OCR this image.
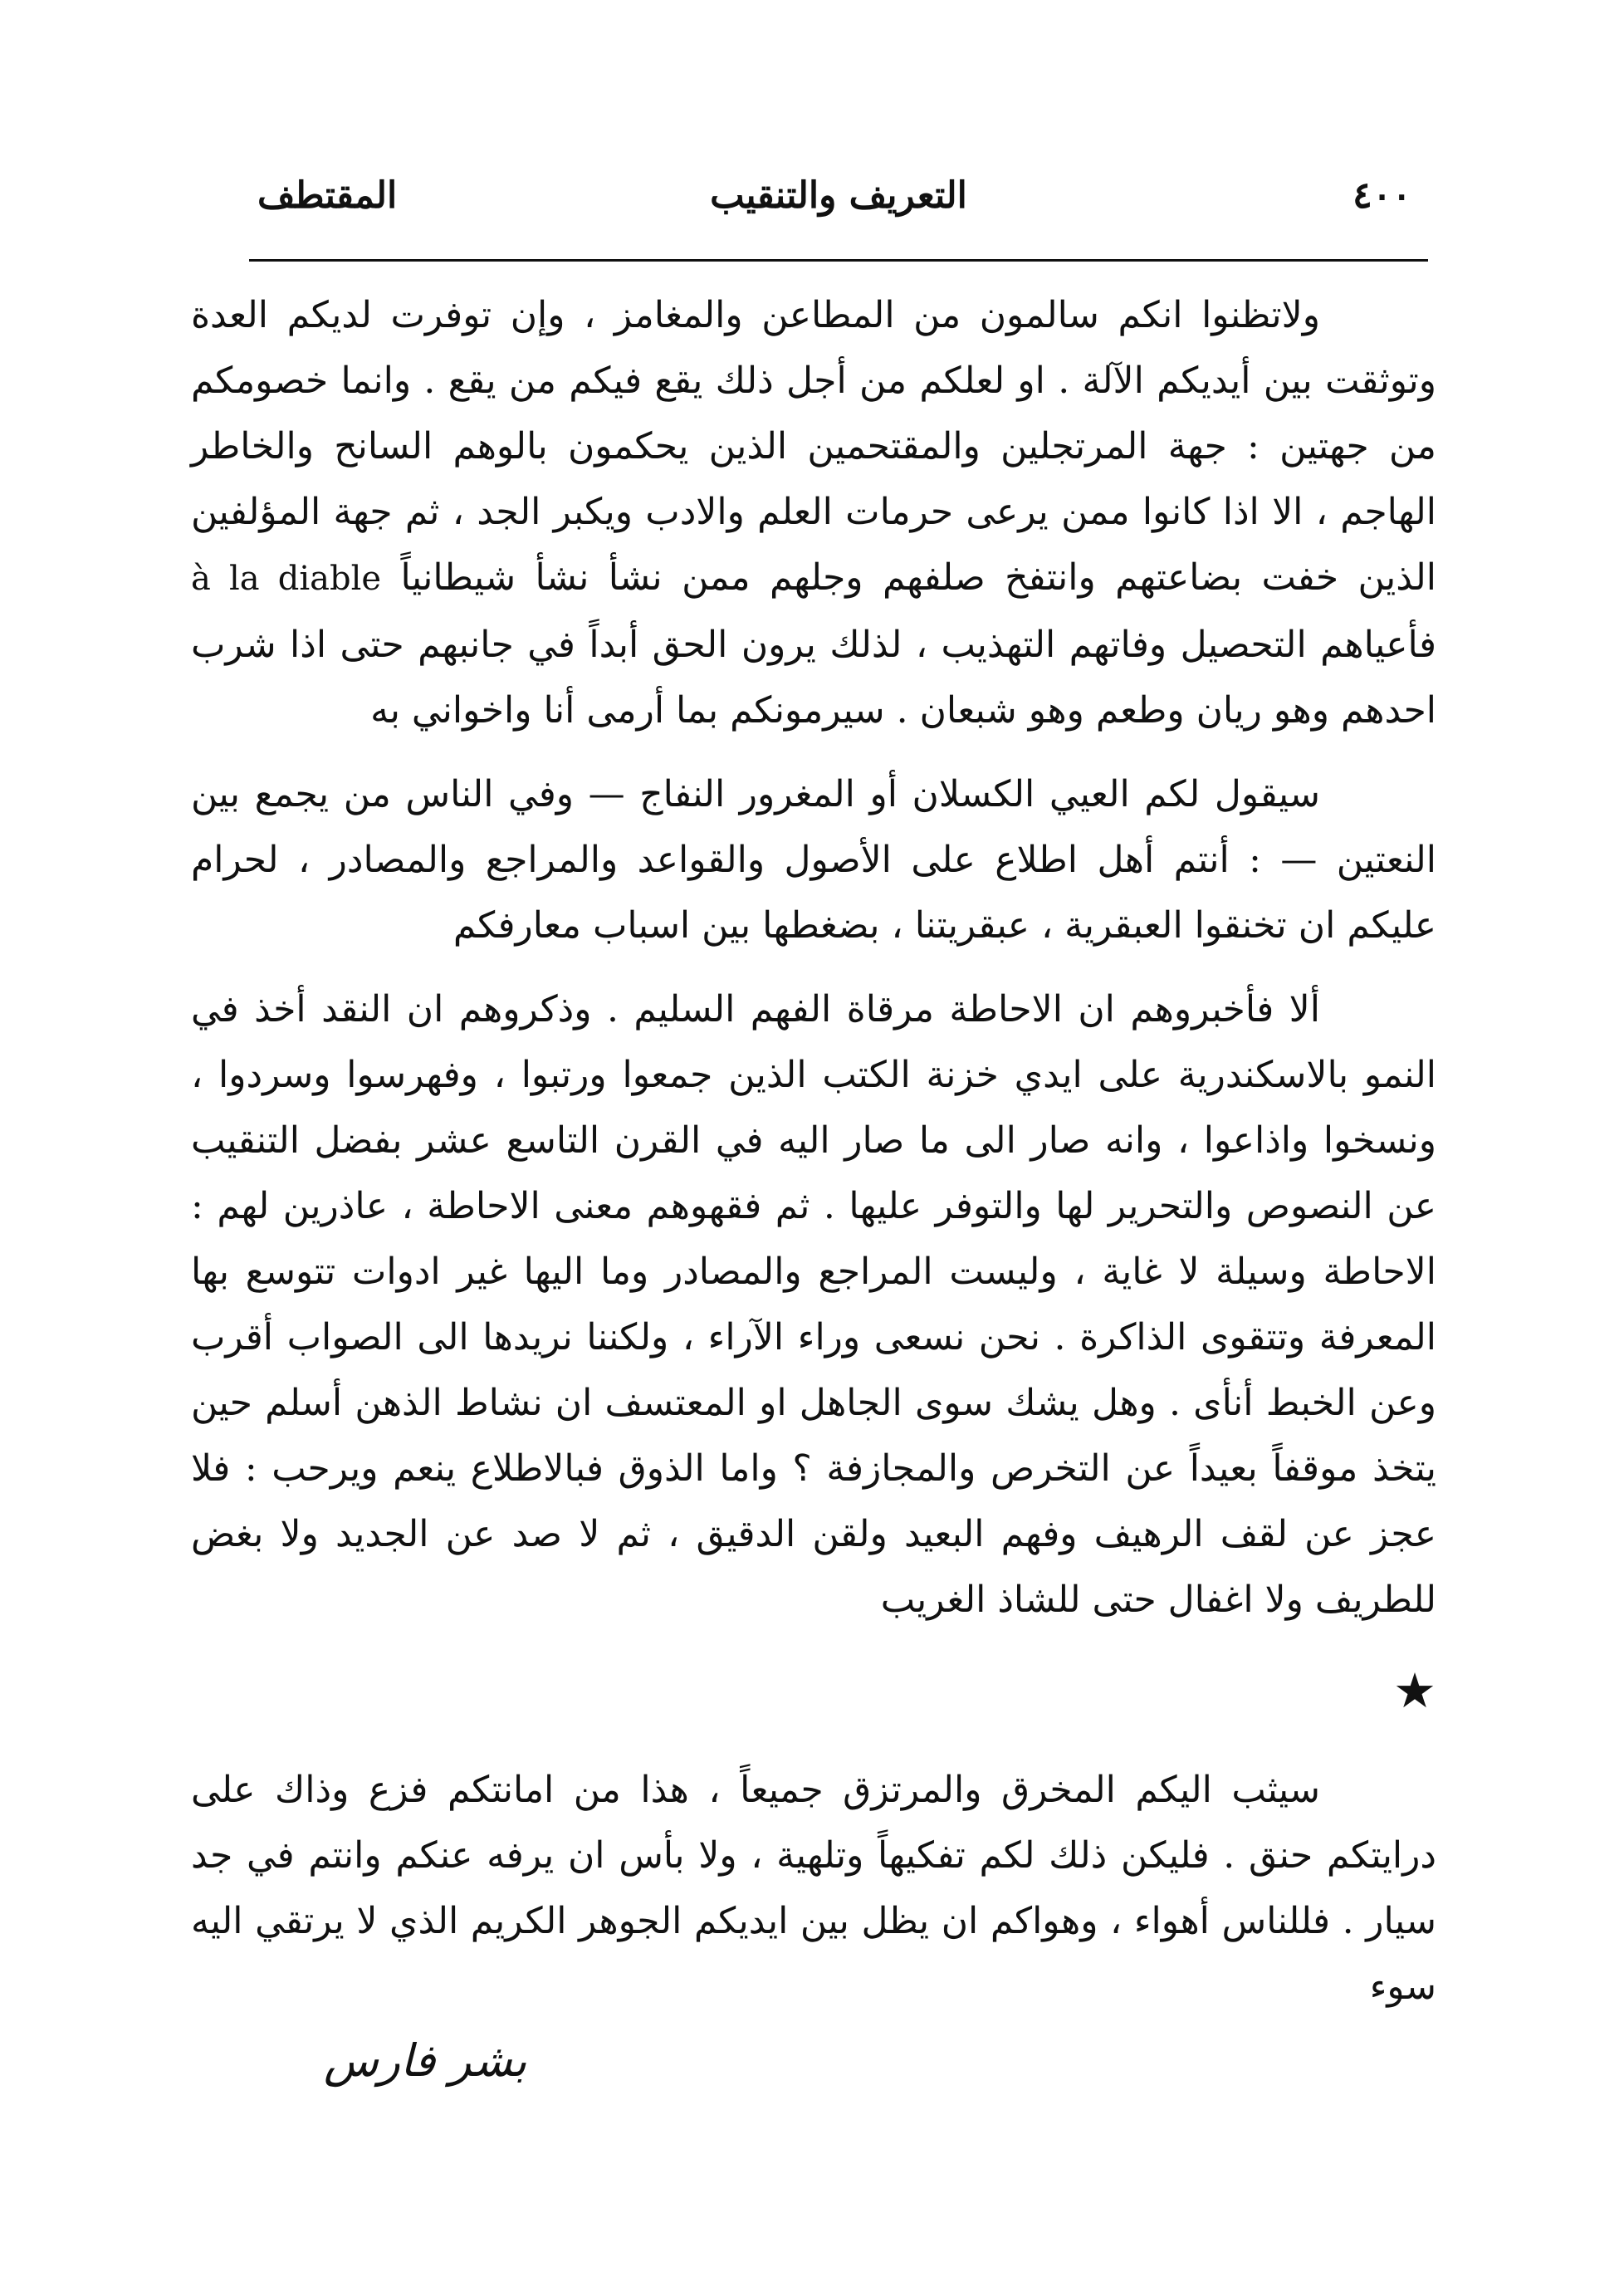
٤٠٠
التعريف والتنقيب
المقتطف

ولاتظنوا انكم سالمون من المطاعن والمغامز ، وإن توفرت لديكم العدة وتوثقت بين أيديكم الآلة . او لعلكم من أجل ذلك يقع فيكم من يقع . وانما خصومكم من جهتين : جهة المرتجلين والمقتحمين الذين يحكمون بالوهم السانح والخاطر الهاجم ، الا اذا كانوا ممن يرعى حرمات العلم والادب ويكبر الجد ، ثم جهة المؤلفين الذين خفت بضاعتهم وانتفخ صلفهم وجلهم ممن نشأ نشأ شيطانياً à la diable فأعياهم التحصيل وفاتهم التهذيب ، لذلك يرون الحق أبداً في جانبهم حتى اذا شرب احدهم وهو ريان وطعم وهو شبعان . سيرمونكم بما أرمى أنا واخواني به

سيقول لكم العيي الكسلان أو المغرور النفاج — وفي الناس من يجمع بين النعتين — : أنتم أهل اطلاع على الأصول والقواعد والمراجع والمصادر ، لحرام عليكم ان تخنقوا العبقرية ، عبقريتنا ، بضغطها بين اسباب معارفكم

ألا فأخبروهم ان الاحاطة مرقاة الفهم السليم . وذكروهم ان النقد أخذ في النمو بالاسكندرية على ايدي خزنة الكتب الذين جمعوا ورتبوا ، وفهرسوا وسردوا ، ونسخوا واذاعوا ، وانه صار الى ما صار اليه في القرن التاسع عشر بفضل التنقيب عن النصوص والتحرير لها والتوفر عليها . ثم فقهوهم معنى الاحاطة ، عاذرين لهم : الاحاطة وسيلة لا غاية ، وليست المراجع والمصادر وما اليها غير ادوات تتوسع بها المعرفة وتتقوى الذاكرة . نحن نسعى وراء الآراء ، ولكننا نريدها الى الصواب أقرب وعن الخبط أنأى . وهل يشك سوى الجاهل او المعتسف ان نشاط الذهن أسلم حين يتخذ موقفاً بعيداً عن التخرص والمجازفة ؟ واما الذوق فبالاطلاع ينعم ويرحب : فلا عجز عن لقف الرهيف وفهم البعيد ولقن الدقيق ، ثم لا صد عن الجديد ولا بغض للطريف ولا اغفال حتى للشاذ الغريب

★

سيثب اليكم المخرق والمرتزق جميعاً ، هذا من امانتكم فزع وذاك على درايتكم حنق . فليكن ذلك لكم تفكيهاً وتلهية ، ولا بأس ان يرفه عنكم وانتم في جد سيار . فللناس أهواء ، وهواكم ان يظل بين ايديكم الجوهر الكريم الذي لا يرتقي اليه سوء

بشر فارس
